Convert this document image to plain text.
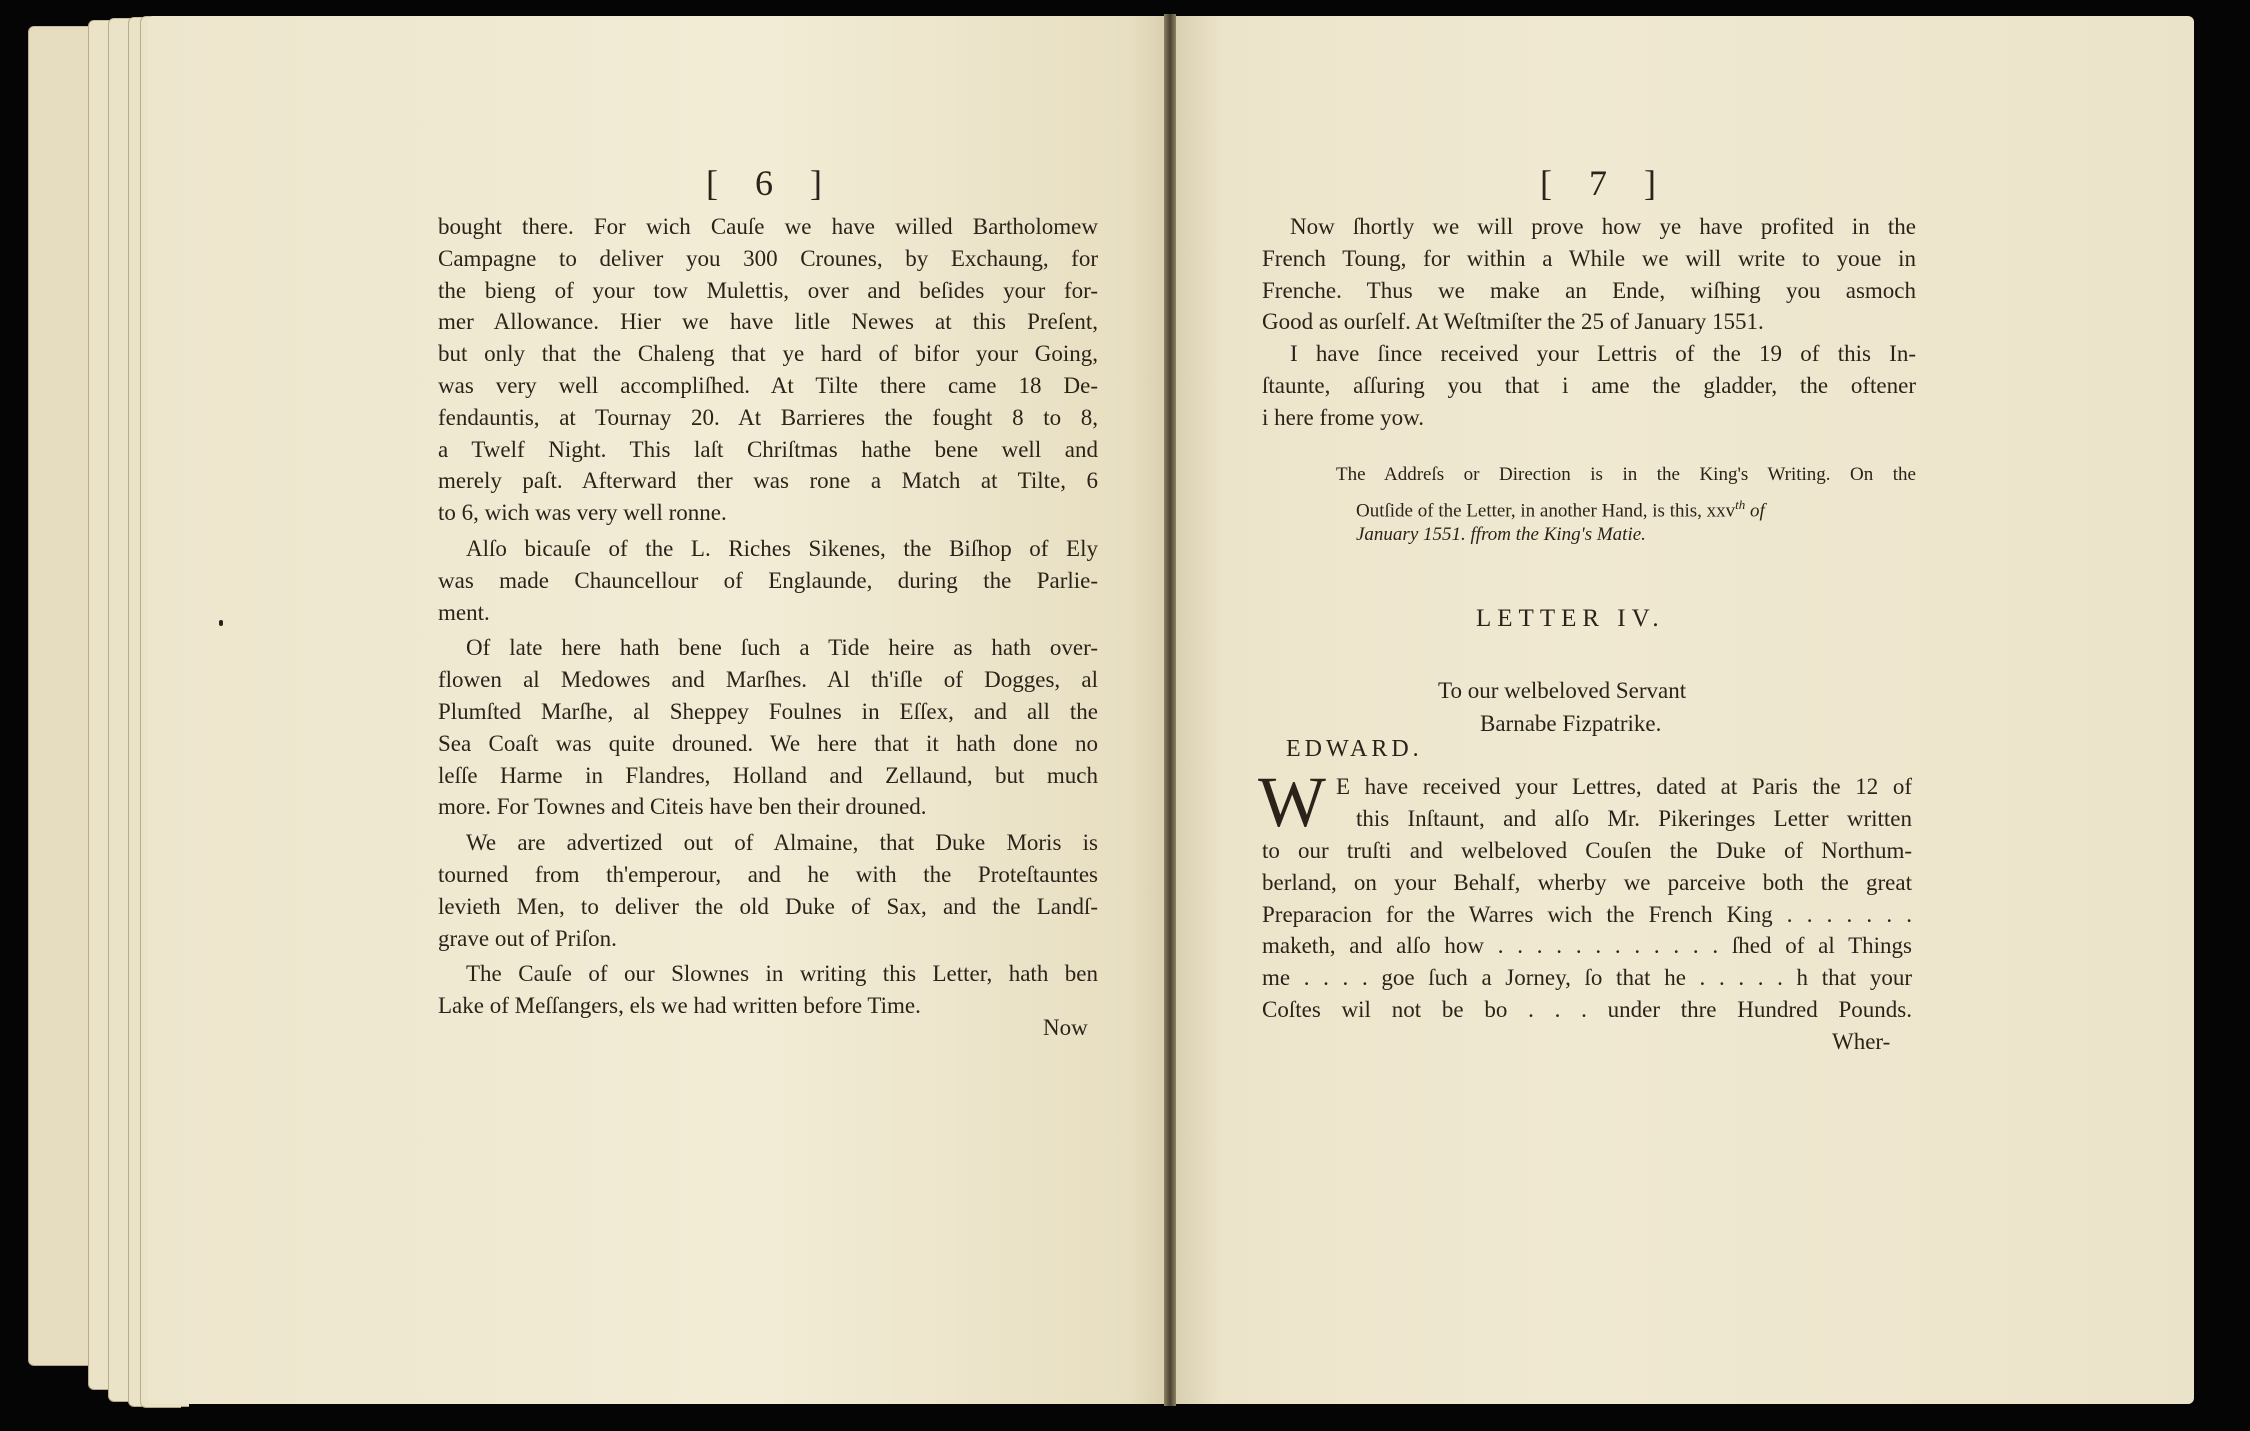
[ 6 ]
bought there. For wich Cauſe we have willed Bartholomew
Campagne to deliver you 300 Crounes, by Exchaung, for
the bieng of your tow Mulettis, over and beſides your for-
mer Allowance. Hier we have litle Newes at this Preſent,
but only that the Chaleng that ye hard of bifor your Going,
was very well accompliſhed. At Tilte there came 18 De-
fendauntis, at Tournay 20. At Barrieres the fought 8 to 8,
a Twelf Night. This laſt Chriſtmas hathe bene well and
merely paſt. Afterward ther was rone a Match at Tilte, 6
to 6, wich was very well ronne.
Alſo bicauſe of the L. Riches Sikenes, the Biſhop of Ely
was made Chauncellour of Englaunde, during the Parlie-
ment.
Of late here hath bene ſuch a Tide heire as hath over-
flowen al Medowes and Marſhes. Al th'iſle of Dogges, al
Plumſted Marſhe, al Sheppey Foulnes in Eſſex, and all the
Sea Coaſt was quite drouned. We here that it hath done no
leſſe Harme in Flandres, Holland and Zellaund, but much
more. For Townes and Citeis have ben their drouned.
We are advertized out of Almaine, that Duke Moris is
tourned from th'emperour, and he with the Proteſtauntes
levieth Men, to deliver the old Duke of Sax, and the Landſ-
grave out of Priſon.
The Cauſe of our Slownes in writing this Letter, hath ben
Lake of Meſſangers, els we had written before Time.
Now
[ 7 ]
Now ſhortly we will prove how ye have profited in the
French Toung, for within a While we will write to youe in
Frenche. Thus we make an Ende, wiſhing you asmoch
Good as ourſelf. At Weſtmiſter the 25 of January 1551.
I have ſince received your Lettris of the 19 of this In-
ſtaunte, aſſuring you that i ame the gladder, the oftener
i here frome yow.
The Addreſs or Direction is in the King's Writing. On the
Outſide of the Letter, in another Hand, is this, xxv$^{th}$ of
January 1551. ffrom the King's Matie.
LETTER IV.
To our welbeloved Servant
Barnabe Fizpatrike.
EDWARD.
W E have received your Lettres, dated at Paris the 12 of
this Inſtaunt, and alſo Mr. Pikeringes Letter written
to our truſti and welbeloved Couſen the Duke of Northum-
berland, on your Behalf, wherby we parceive both the great
Preparacion for the Warres wich the French King . . . . . . .
maketh, and alſo how . . . . . . . . . . . . ſhed of al Things
me . . . . goe ſuch a Jorney, ſo that he . . . . . h that your
Coſtes wil not be bo . . . under thre Hundred Pounds.
Wher-
